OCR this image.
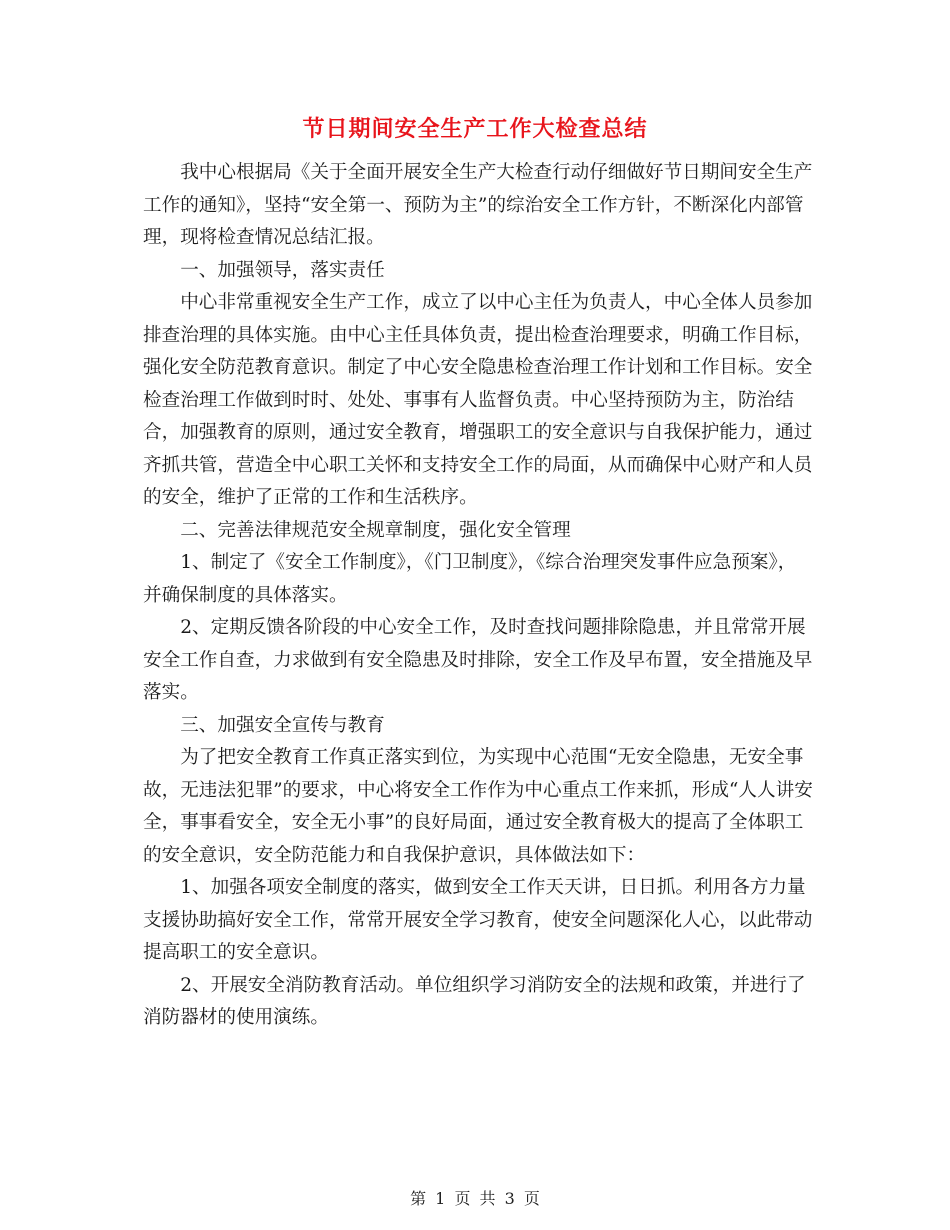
节日期间安全生产工作大检查总结

我中心根据局《关于全面开展安全生产大检查行动仔细做好节日期间安全生产工作的通知》，坚持“安全第一、预防为主”的综治安全工作方针，不断深化内部管理，现将检查情况总结汇报。

一、加强领导，落实责任

中心非常重视安全生产工作，成立了以中心主任为负责人，中心全体人员参加排查治理的具体实施。由中心主任具体负责，提出检查治理要求，明确工作目标，强化安全防范教育意识。制定了中心安全隐患检查治理工作计划和工作目标。安全检查治理工作做到时时、处处、事事有人监督负责。中心坚持预防为主，防治结合，加强教育的原则，通过安全教育，增强职工的安全意识与自我保护能力，通过齐抓共管，营造全中心职工关怀和支持安全工作的局面，从而确保中心财产和人员的安全，维护了正常的工作和生活秩序。

二、完善法律规范安全规章制度，强化安全管理

1、制定了《安全工作制度》，《门卫制度》，《综合治理突发事件应急预案》，并确保制度的具体落实。

2、定期反馈各阶段的中心安全工作，及时查找问题排除隐患，并且常常开展安全工作自查，力求做到有安全隐患及时排除，安全工作及早布置，安全措施及早落实。

三、加强安全宣传与教育

为了把安全教育工作真正落实到位，为实现中心范围“无安全隐患，无安全事故，无违法犯罪”的要求，中心将安全工作作为中心重点工作来抓，形成“人人讲安全，事事看安全，安全无小事”的良好局面，通过安全教育极大的提高了全体职工的安全意识，安全防范能力和自我保护意识，具体做法如下：

1、加强各项安全制度的落实，做到安全工作天天讲，日日抓。利用各方力量支援协助搞好安全工作，常常开展安全学习教育，使安全问题深化人心，以此带动提高职工的安全意识。

2、开展安全消防教育活动。单位组织学习消防安全的法规和政策，并进行了消防器材的使用演练。

第 1 页 共 3 页
